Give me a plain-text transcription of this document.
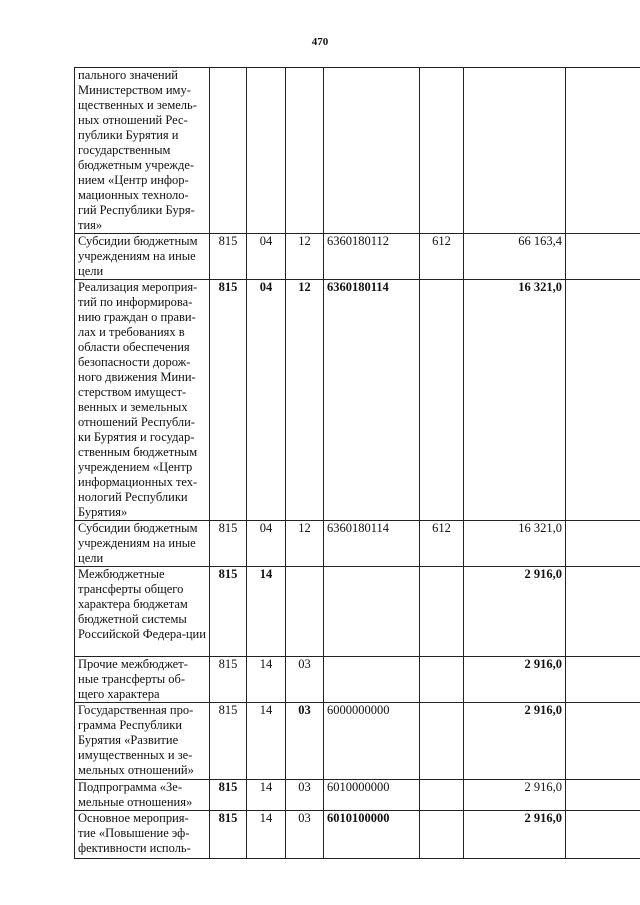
470
пального значений Министерством иму-щественных и земель-ных отношений Рес-публики Бурятия и государственным бюджетным учрежде-нием «Центр инфор-мационных техноло-гий Республики Буря-тия»							
Субсидии бюджетным учреждениям на иные цели	815	04	12	6360180112	612	66 163,4	
Реализация мероприя-тий по информирова-нию граждан о прави-лах и требованиях в области обеспечения безопасности дорож-ного движения Мини-стерством имущест-венных и земельных отношений Республи-ки Бурятия и государ-ственным бюджетным учреждением «Центр информационных тех-нологий Республики Бурятия»	815	04	12	6360180114		16 321,0	
Субсидии бюджетным учреждениям на иные цели	815	04	12	6360180114	612	16 321,0	
Межбюджетные трансферты общего характера бюджетам бюджетной системы Российской Федера-ции	815	14				2 916,0	
Прочие межбюджет-ные трансферты об-щего характера	815	14	03			2 916,0	
Государственная про-грамма Республики Бурятия «Развитие имущественных и зе-мельных отношений»	815	14	03	6000000000		2 916,0	
Подпрограмма «Зе-мельные отношения»	815	14	03	6010000000		2 916,0	
Основное мероприя-тие «Повышение эф-фективности исполь-	815	14	03	6010100000		2 916,0	
